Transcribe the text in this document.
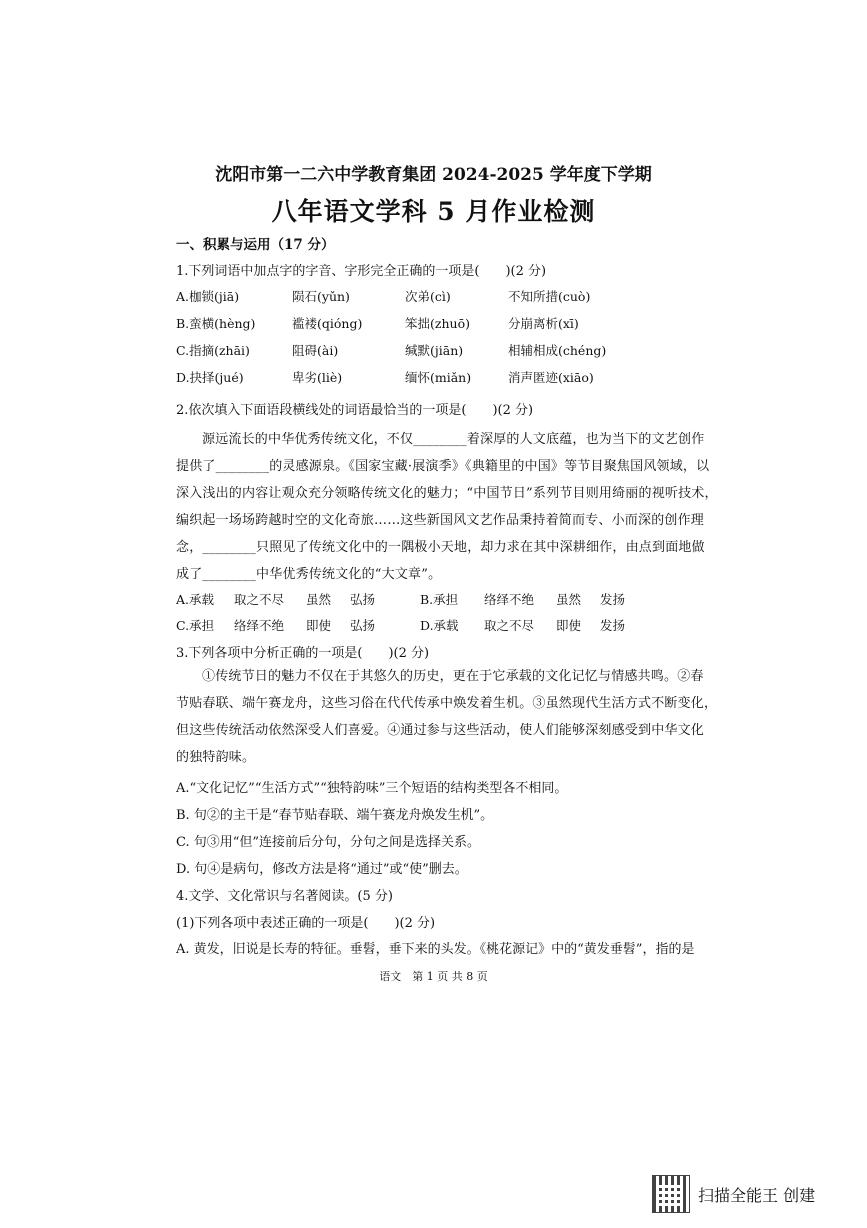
沈阳市第一二六中学教育集团 2024-2025 学年度下学期
八年语文学科 5 月作业检测
一、积累与运用（17 分）
1.下列词语中加点字的字音、字形完全正确的一项是(　　)(2 分)
A.枷锁(jiā)	陨石(yǔn)	次弟(cì)	不知所措(cuò)
B.蛮横(hèng)	褴褛(qióng)	笨拙(zhuō)	分崩离析(xī)
C.指摘(zhāi)	阻碍(ài)	缄默(jiān)	相辅相成(chéng)
D.抉择(jué)	卑劣(liè)	缅怀(miǎn)	消声匿迹(xiāo)
2.依次填入下面语段横线处的词语最恰当的一项是(　　)(2 分)
源远流长的中华优秀传统文化，不仅________着深厚的人文底蕴，也为当下的文艺创作
提供了________的灵感源泉。《国家宝藏·展演季》《典籍里的中国》等节目聚焦国风领域，以
深入浅出的内容让观众充分领略传统文化的魅力；“中国节日”系列节目则用绮丽的视听技术，
编织起一场场跨越时空的文化奇旅……这些新国风文艺作品秉持着简而专、小而深的创作理
念，________只照见了传统文化中的一隅极小天地，却力求在其中深耕细作，由点到面地做
成了________中华优秀传统文化的“大文章”。
A.承载 取之不尽 虽然 弘扬	B.承担 络绎不绝 虽然 发扬
C.承担 络绎不绝 即使 弘扬	D.承载 取之不尽 即使 发扬
3.下列各项中分析正确的一项是(　　)(2 分)
①传统节日的魅力不仅在于其悠久的历史，更在于它承载的文化记忆与情感共鸣。②春
节贴春联、端午赛龙舟，这些习俗在代代传承中焕发着生机。③虽然现代生活方式不断变化，
但这些传统活动依然深受人们喜爱。④通过参与这些活动，使人们能够深刻感受到中华文化
的独特韵味。
A.“文化记忆”“生活方式”“独特韵味”三个短语的结构类型各不相同。
B. 句②的主干是“春节贴春联、端午赛龙舟焕发生机”。
C. 句③用“但”连接前后分句，分句之间是选择关系。
D. 句④是病句，修改方法是将“通过”或“使”删去。
4.文学、文化常识与名著阅读。(5 分)
(1)下列各项中表述正确的一项是(　　)(2 分)
A. 黄发，旧说是长寿的特征。垂髫，垂下来的头发。《桃花源记》中的“黄发垂髫”，指的是
语文　第 1 页 共 8 页
扫描全能王 创建
